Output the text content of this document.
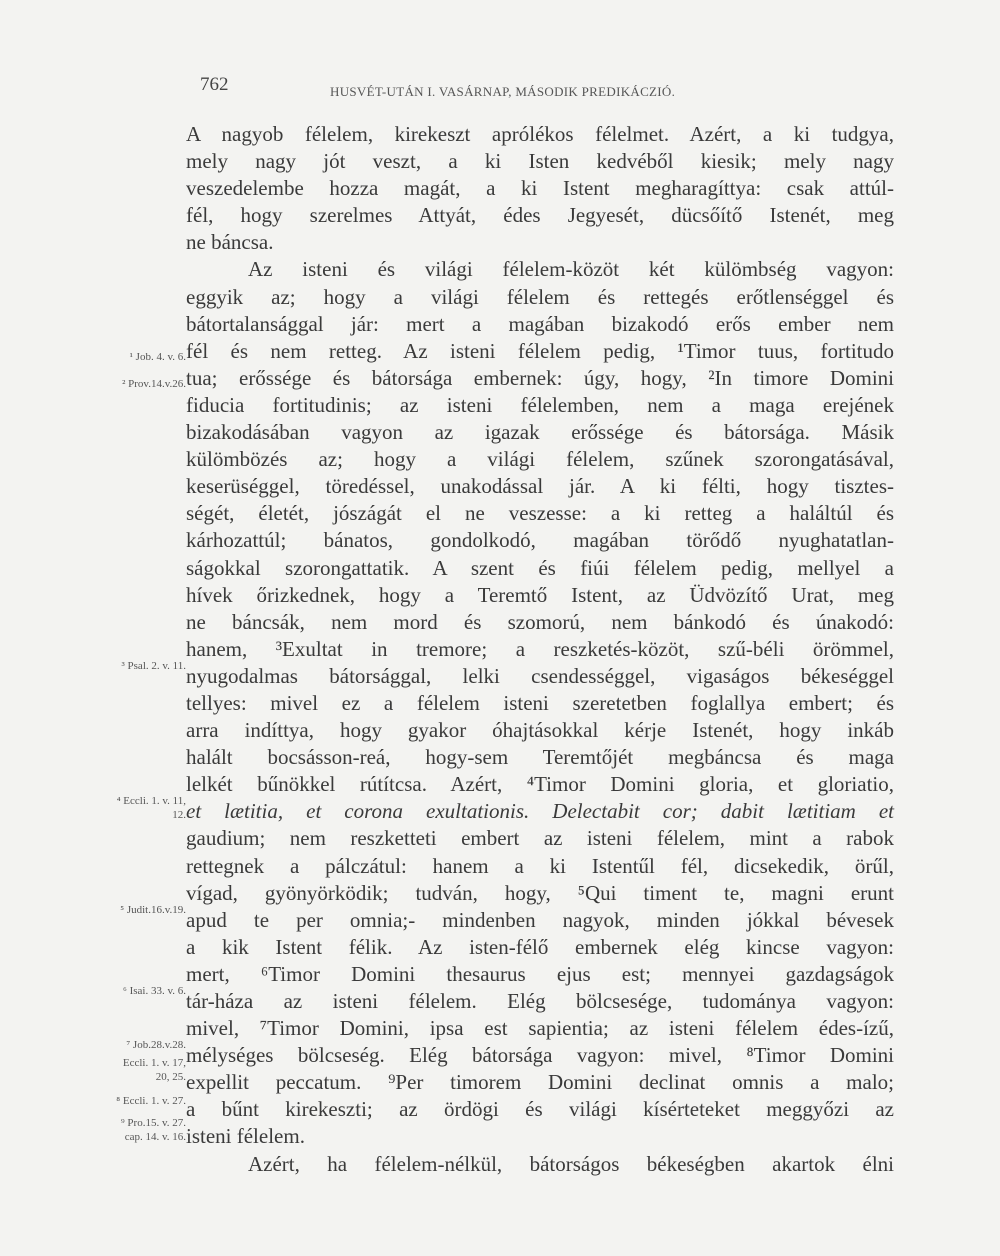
762	HUSVÉT-UTÁN I. VASÁRNAP, MÁSODIK PREDIKÁCZIÓ.
A nagyob félelem, kirekeszt aprólékos félelmet. Azért, a ki tudgya,
mely nagy jót veszt, a ki Isten kedvéből kiesik; mely nagy
veszedelembe hozza magát, a ki Istent megharagíttya: csak attúl-
fél, hogy szerelmes Attyát, édes Jegyesét, dücsőítő Istenét, meg
ne báncsa.
Az isteni és világi félelem-közöt két külömbség vagyon:
eggyik az; hogy a világi félelem és rettegés erőtlenséggel és
bátortalansággal jár: mert a magában bizakodó erős ember nem
fél és nem retteg. Az isteni félelem pedig, ¹Timor tuus, fortitudo
tua; erőssége és bátorsága embernek: úgy, hogy, ²In timore Domini
fiducia fortitudinis; az isteni félelemben, nem a maga erejének
bizakodásában vagyon az igazak erőssége és bátorsága. Másik
külömbözés az; hogy a világi félelem, szűnek szorongatásával,
keserüséggel, töredéssel, unakodással jár. A ki félti, hogy tisztes-
ségét, életét, jószágát el ne veszesse: a ki retteg a haláltúl és
kárhozattúl; bánatos, gondolkodó, magában törődő nyughatatlan-
ságokkal szorongattatik. A szent és fiúi félelem pedig, mellyel a
hívek őrizkednek, hogy a Teremtő Istent, az Üdvözítő Urat, meg
ne báncsák, nem mord és szomorú, nem bánkodó és únakodó:
hanem, ³Exultat in tremore; a reszketés-közöt, szű-béli örömmel,
nyugodalmas bátorsággal, lelki csendességgel, vigaságos békeséggel
tellyes: mivel ez a félelem isteni szeretetben foglallya embert; és
arra indíttya, hogy gyakor óhajtásokkal kérje Istenét, hogy inkáb
halált bocsásson-reá, hogy-sem Teremtőjét megbáncsa és maga
lelkét bűnökkel rútítcsa. Azért, ⁴Timor Domini gloria, et gloriatio,
et lætitia, et corona exultationis. Delectabit cor; dabit lætitiam et
gaudium; nem reszketteti embert az isteni félelem, mint a rabok
rettegnek a pálczátul: hanem a ki Istentűl fél, dicsekedik, örűl,
vígad, gyönyörködik; tudván, hogy, ⁵Qui timent te, magni erunt
apud te per omnia;- mindenben nagyok, minden jókkal bévesek
a kik Istent félik. Az isten-félő embernek elég kincse vagyon:
mert, ⁶Timor Domini thesaurus ejus est; mennyei gazdagságok
tár-háza az isteni félelem. Elég bölcsesége, tudománya vagyon:
mivel, ⁷Timor Domini, ipsa est sapientia; az isteni félelem édes-ízű,
mélységes bölcseség. Elég bátorsága vagyon: mivel, ⁸Timor Domini
expellit peccatum. ⁹Per timorem Domini declinat omnis a malo;
a bűnt kirekeszti; az ördögi és világi kísérteteket meggyőzi az
isteni félelem.
Azért, ha félelem-nélkül, bátorságos békeségben akartok élni
¹ Job. 4. v. 6.
² Prov.14.v.26.
³ Psal. 2. v. 11.
⁴ Eccli. 1. v. 11,
12.
⁵ Judit.16.v.19.
⁶ Isai. 33. v. 6.
⁷ Job.28.v.28.
Eccli. 1. v. 17,
20, 25.
⁸ Eccli. 1. v. 27.
⁹ Pro.15. v. 27.
cap. 14. v. 16.
